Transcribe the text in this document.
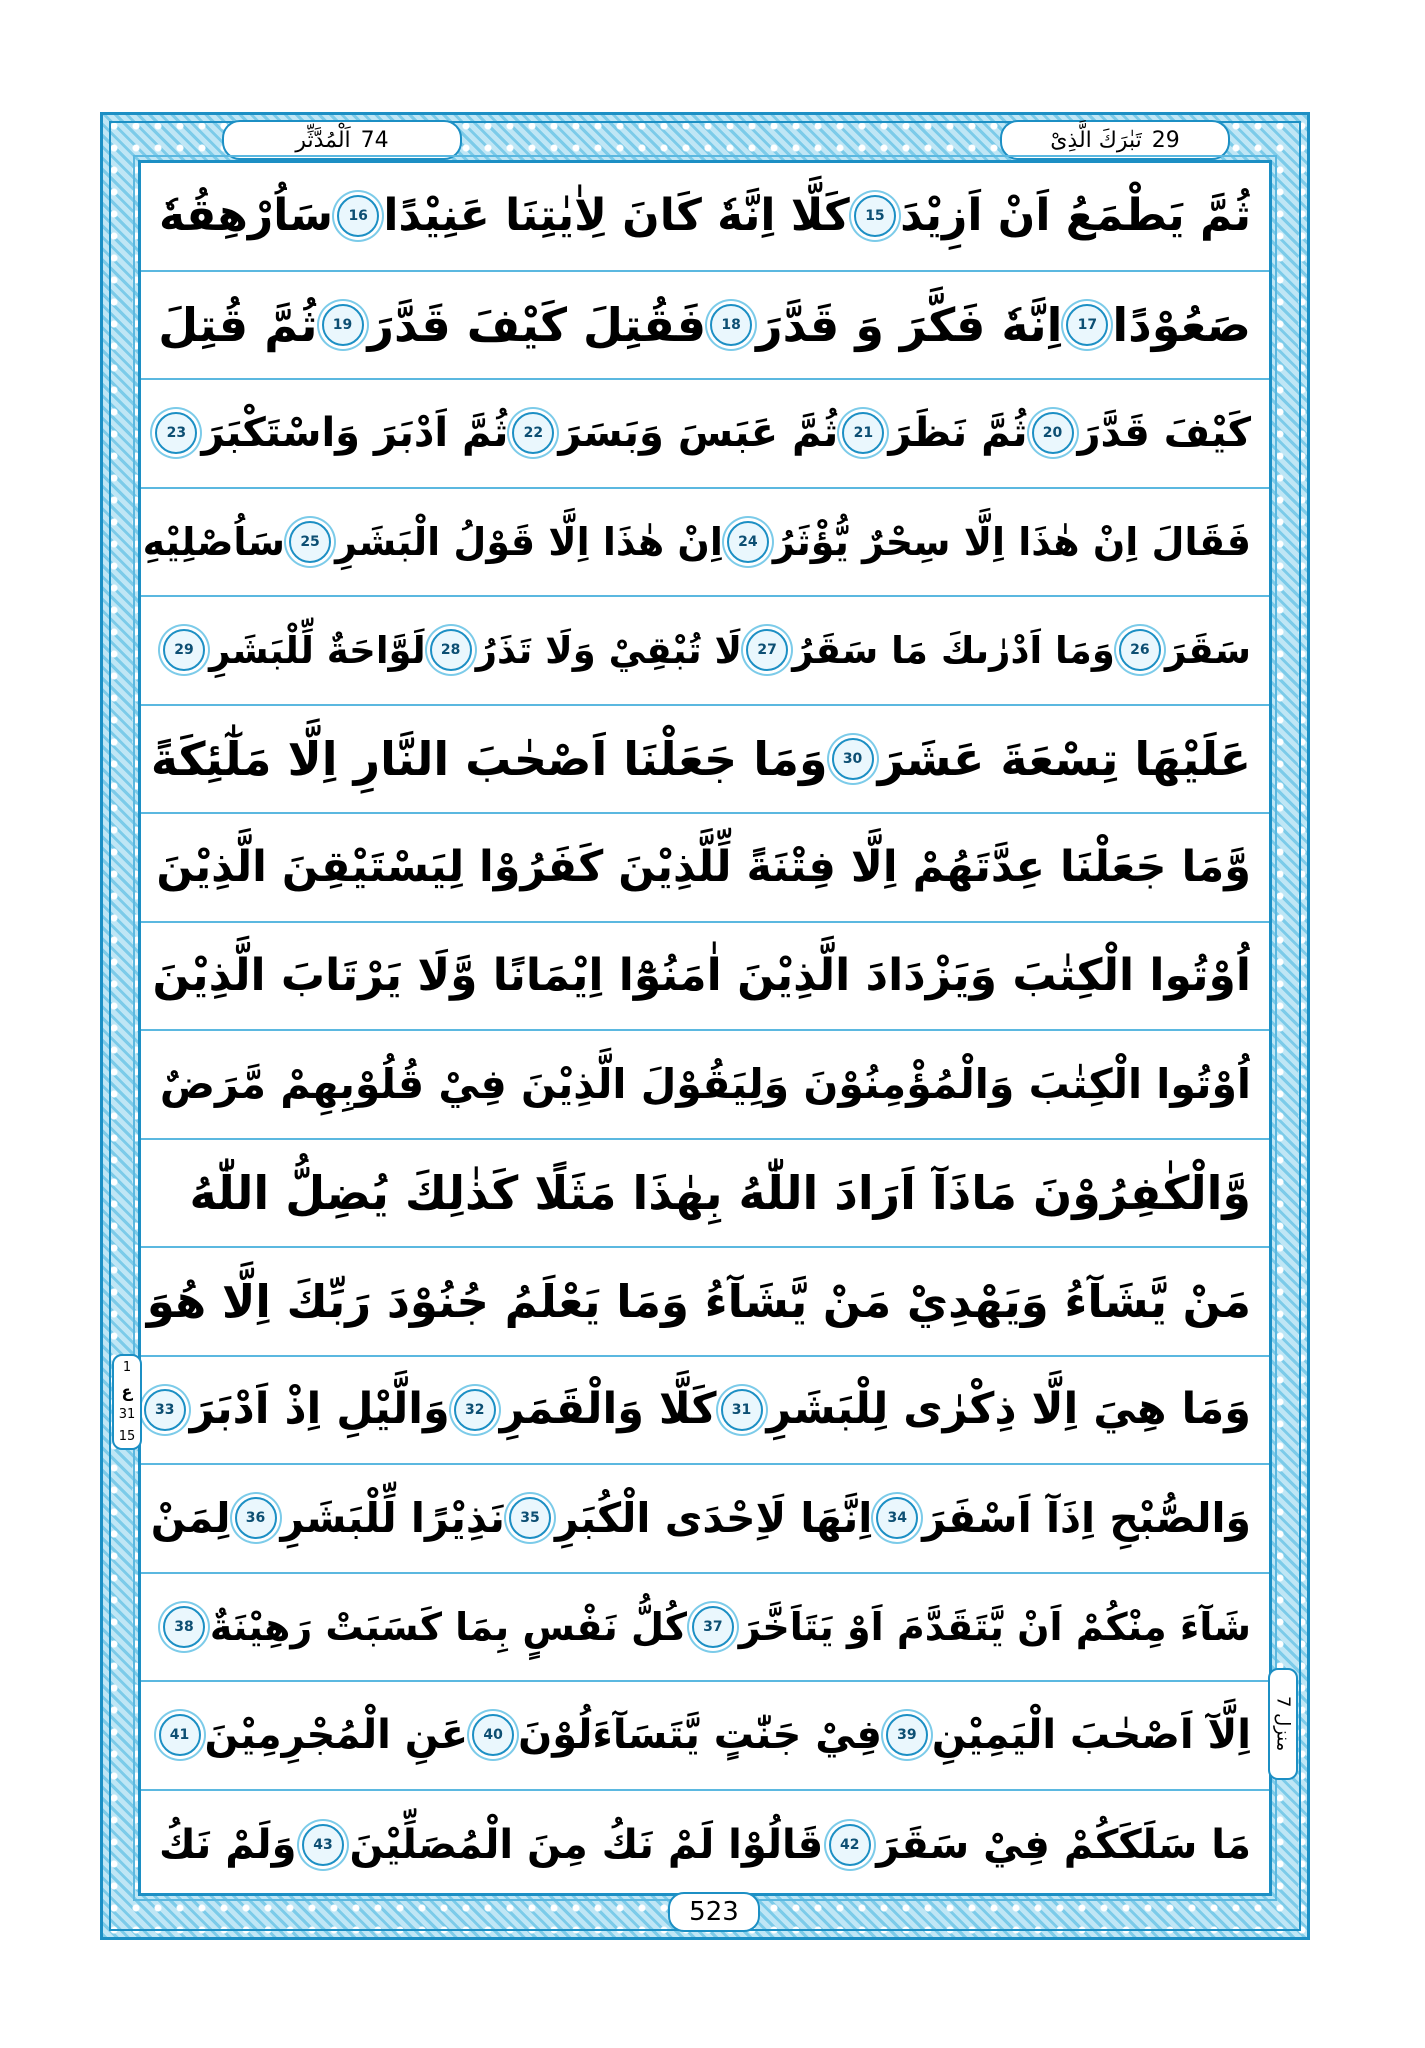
اَلْمُدَّثِّر 74	تَبٰرَكَ الَّذِیْ 29
ثُمَّ يَطْمَعُ اَنْ اَزِيْدَ
15
كَلَّا اِنَّهٗ كَانَ لِاٰيٰتِنَا عَنِيْدًا
16
سَاُرْهِقُهٗ
صَعُوْدًا
17
اِنَّهٗ فَكَّرَ وَ قَدَّرَ
18
فَقُتِلَ كَيْفَ قَدَّرَ
19
ثُمَّ قُتِلَ
كَيْفَ قَدَّرَ
20
ثُمَّ نَظَرَ
21
ثُمَّ عَبَسَ وَبَسَرَ
22
ثُمَّ اَدْبَرَ وَاسْتَكْبَرَ
23
فَقَالَ اِنْ هٰذَا اِلَّا سِحْرٌ يُّؤْثَرُ
24
اِنْ هٰذَا اِلَّا قَوْلُ الْبَشَرِ
25
سَاُصْلِيْهِ
سَقَرَ
26
وَمَا اَدْرٰىكَ مَا سَقَرُ
27
لَا تُبْقِيْ وَلَا تَذَرُ
28
لَوَّاحَةٌ لِّلْبَشَرِ
29
عَلَيْهَا تِسْعَةَ عَشَرَ
30
وَمَا جَعَلْنَا اَصْحٰبَ النَّارِ اِلَّا مَلٰٓئِكَةً
وَّمَا جَعَلْنَا عِدَّتَهُمْ اِلَّا فِتْنَةً لِّلَّذِيْنَ كَفَرُوْا لِيَسْتَيْقِنَ الَّذِيْنَ
اُوْتُوا الْكِتٰبَ وَيَزْدَادَ الَّذِيْنَ اٰمَنُوْٓا اِيْمَانًا وَّلَا يَرْتَابَ الَّذِيْنَ
اُوْتُوا الْكِتٰبَ وَالْمُؤْمِنُوْنَ وَلِيَقُوْلَ الَّذِيْنَ فِيْ قُلُوْبِهِمْ مَّرَضٌ
وَّالْكٰفِرُوْنَ مَاذَآ اَرَادَ اللّٰهُ بِهٰذَا مَثَلًا كَذٰلِكَ يُضِلُّ اللّٰهُ
مَنْ يَّشَآءُ وَيَهْدِيْ مَنْ يَّشَآءُ وَمَا يَعْلَمُ جُنُوْدَ رَبِّكَ اِلَّا هُوَ
وَمَا هِيَ اِلَّا ذِكْرٰى لِلْبَشَرِ
31
كَلَّا وَالْقَمَرِ
32
وَالَّيْلِ اِذْ اَدْبَرَ
33
وَالصُّبْحِ اِذَآ اَسْفَرَ
34
اِنَّهَا لَاِحْدَى الْكُبَرِ
35
نَذِيْرًا لِّلْبَشَرِ
36
لِمَنْ
شَآءَ مِنْكُمْ اَنْ يَّتَقَدَّمَ اَوْ يَتَاَخَّرَ
37
كُلُّ نَفْسٍ بِمَا كَسَبَتْ رَهِيْنَةٌ
38
اِلَّآ اَصْحٰبَ الْيَمِيْنِ
39
فِيْ جَنّٰتٍ يَّتَسَآءَلُوْنَ
40
عَنِ الْمُجْرِمِيْنَ
41
مَا سَلَكَكُمْ فِيْ سَقَرَ
42
قَالُوْا لَمْ نَكُ مِنَ الْمُصَلِّيْنَ
43
وَلَمْ نَكُ
1
ع
31
15
منزل 7
523
